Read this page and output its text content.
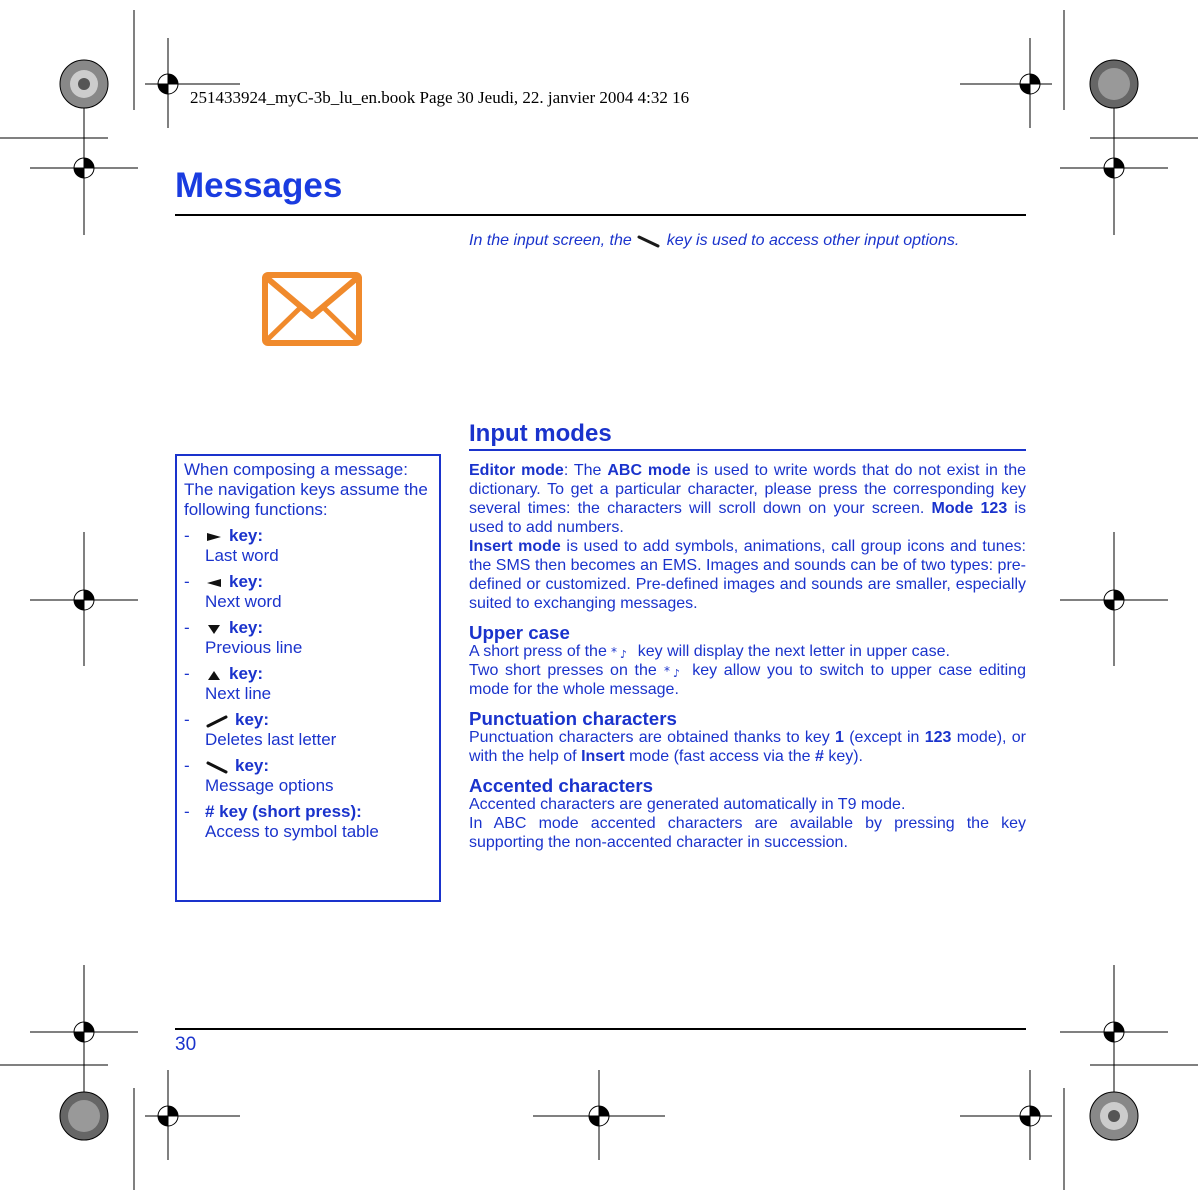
251433924_myC-3b_lu_en.book Page 30 Jeudi, 22. janvier 2004 4:32 16
Messages
In the input screen, the key is used to access other input options.

When composing a message: The navigation keys assume the following functions:

-	key:
Last word
-	key:
Next word
-	key:
Previous line
-	key:
Next line
-	key:
Deletes last letter
-	key:
Message options
- # key (short press):
Access to symbol table
Input modes

Editor mode: The ABC mode is used to write words that do not exist in the dictionary. To get a particular character, please press the corresponding key several times: the characters will scroll down on your screen. Mode 123 is used to add numbers.

Insert mode is used to add symbols, animations, call group icons and tunes: the SMS then becomes an EMS. Images and sounds can be of two types: pre-defined or customized. Pre-defined images and sounds are smaller, especially suited to exchanging messages.

Upper case

A short press of the * ♪ key will display the next letter in upper case.

Two short presses on the * ♪ key allow you to switch to upper case editing mode for the whole message.

Punctuation characters

Punctuation characters are obtained thanks to key 1 (except in 123 mode), or with the help of Insert mode (fast access via the # key).

Accented characters

Accented characters are generated automatically in T9 mode.

In ABC mode accented characters are available by pressing the key supporting the non-accented character in succession.

30
